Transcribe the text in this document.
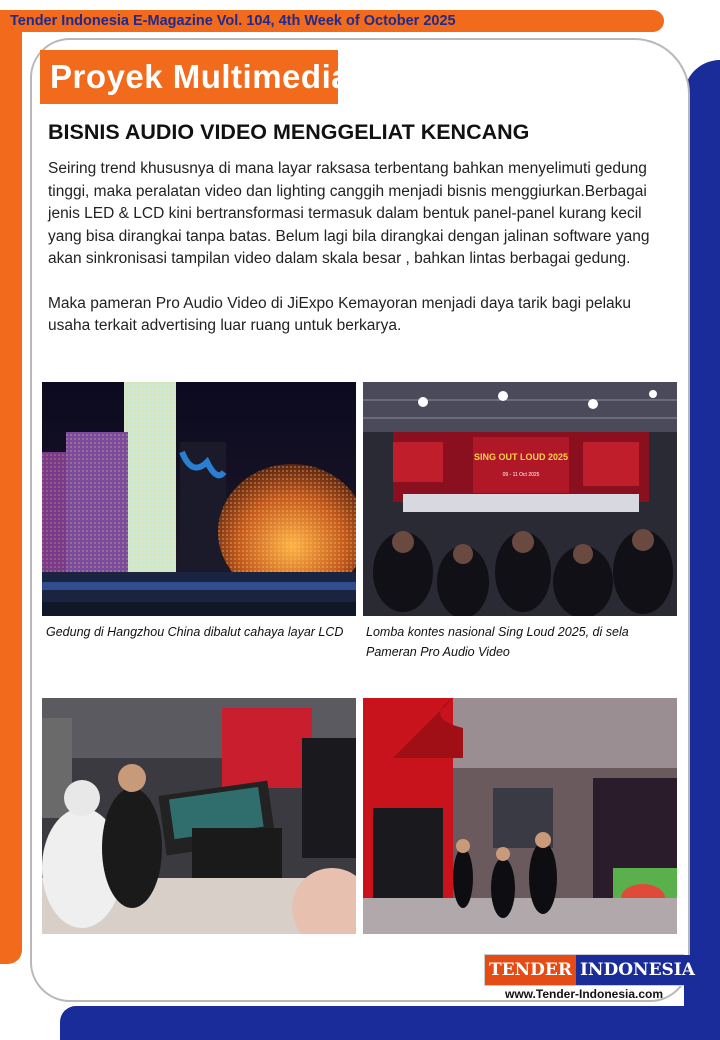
Tender Indonesia E-Magazine Vol. 104, 4th Week of October 2025
Proyek Multimedia
BISNIS AUDIO VIDEO MENGGELIAT KENCANG

Seiring trend khususnya di mana layar raksasa terbentang bahkan menyelimuti gedung tinggi, maka peralatan video dan lighting canggih menjadi bisnis menggiurkan.Berbagai jenis LED & LCD kini bertransformasi termasuk dalam bentuk panel-panel kurang kecil yang bisa dirangkai tanpa batas. Belum lagi bila dirangkai dengan jalinan software yang akan sinkronisasi tampilan video dalam skala besar , bahkan lintas berbagai gedung.

Maka pameran Pro Audio Video di JiExpo Kemayoran menjadi daya tarik bagi pelaku usaha terkait advertising luar ruang untuk berkarya.

Gedung di Hangzhou China dibalut cahaya layar LCD
SING OUT LOUD 2025
09 - 11 Oct 2025
Lomba kontes nasional Sing Loud 2025, di sela Pameran Pro Audio Video
TENDER INDONESIA
www.Tender-Indonesia.com
